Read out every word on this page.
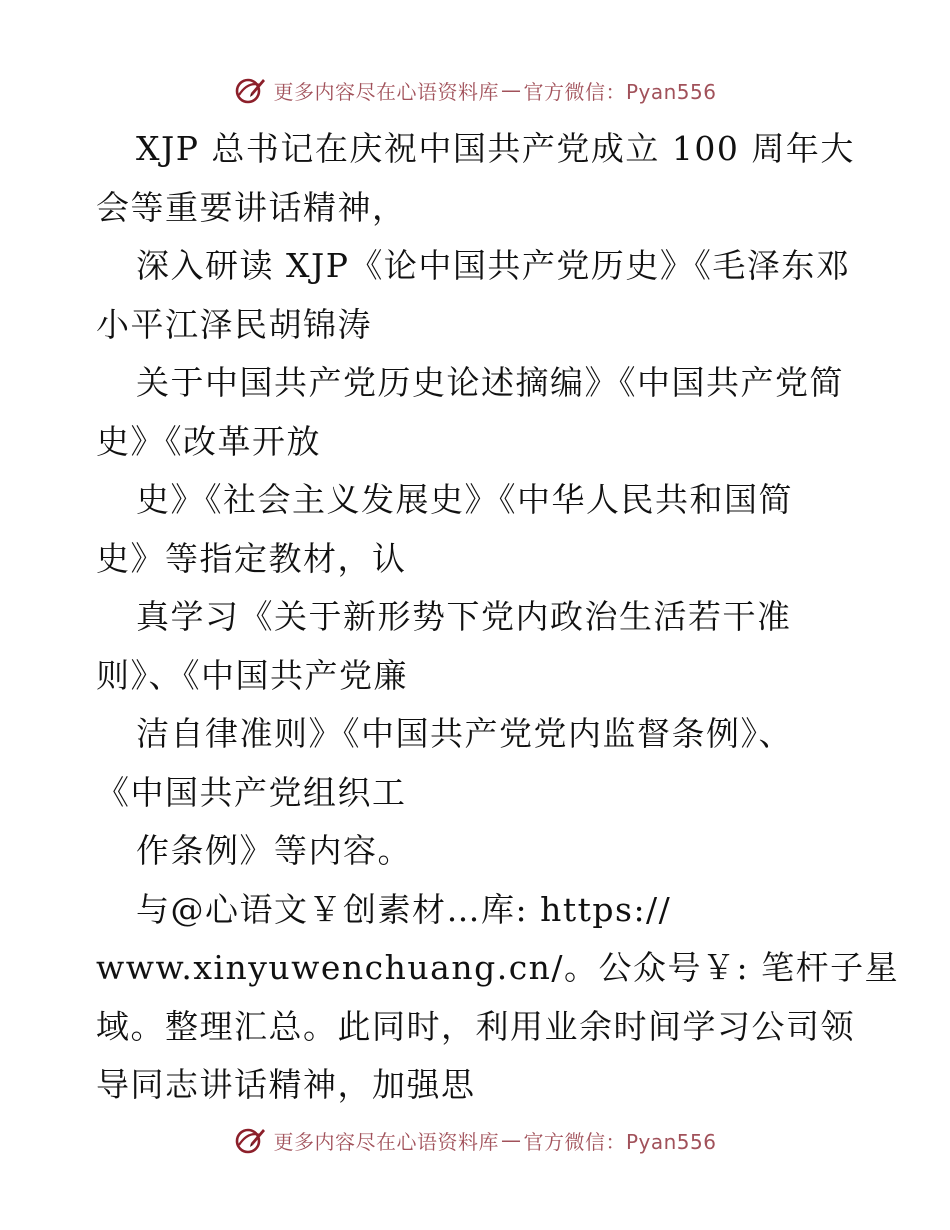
更多内容尽在心语资料库 — 官方微信：Pyan556
XJP 总书记在庆祝中国共产党成立 100 周年大
会等重要讲话精神，
深入研读 XJP《论中国共产党历史》《毛泽东邓
小平江泽民胡锦涛
关于中国共产党历史论述摘编》《中国共产党简
史》《改革开放
史》《社会主义发展史》《中华人民共和国简
史》等指定教材，认
真学习《关于新形势下党内政治生活若干准
则》、《中国共产党廉
洁自律准则》《中国共产党党内监督条例》、
《中国共产党组织工
作条例》等内容。
与@心语文￥创素材…库: https://
www.xinyuwenchuang.cn/。公众号￥: 笔杆子星
域。整理汇总。此同时，利用业余时间学习公司领
导同志讲话精神，加强思
更多内容尽在心语资料库 — 官方微信：Pyan556
